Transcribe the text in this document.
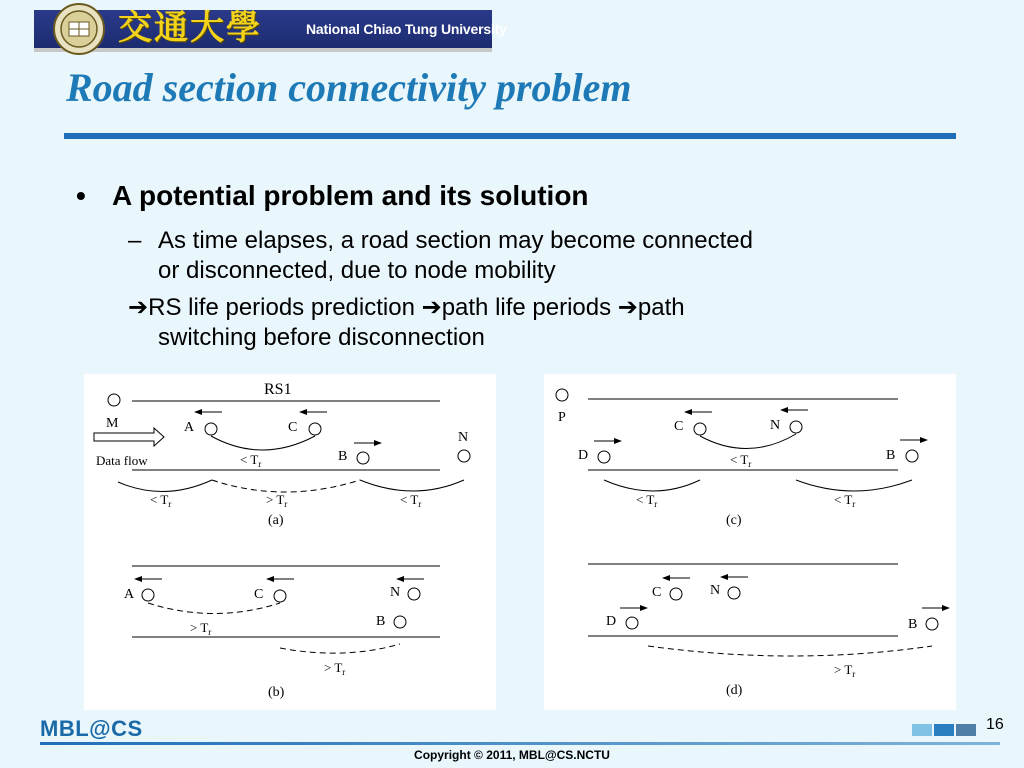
交通大學	National Chiao Tung University
Road section connectivity problem
• A potential problem and its solution
– As time elapses, a road section may become connected
or disconnected, due to node mobility
➔RS life periods prediction ➔path life periods ➔path
switching before disconnection
RS1
M
Data flow
A	C
< $T_r$	B
N
< $T_r$	> $T_r$	< $T_r$
(a)
A	C	N
B
> $T_r$
> $T_r$
(b)
P
C	N
< $T_r$
D	B
< $T_r$	< $T_r$
(c)
C	N
D	B
> $T_r$
(d)
MBL@CS	16
Copyright © 2011, MBL@CS.NCTU
